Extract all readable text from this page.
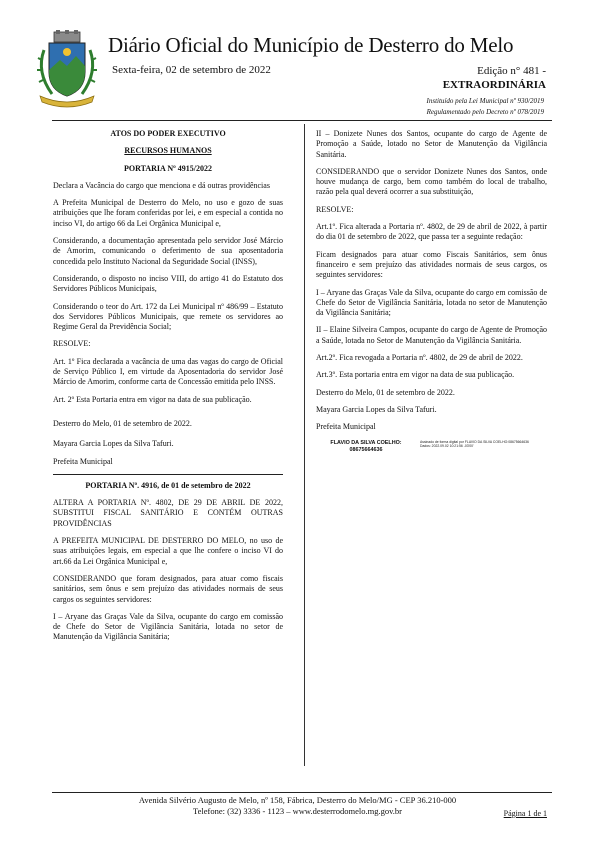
Diário Oficial do Município de Desterro do Melo
Sexta-feira, 02 de setembro de 2022	Edição n° 481 -
EXTRAORDINÁRIA
Instituído pela Lei Municipal nº 930/2019
Regulamentado pelo Decreto nº 078/2019

ATOS DO PODER EXECUTIVO

RECURSOS HUMANOS

PORTARIA Nº 4915/2022

Declara a Vacância do cargo que menciona e dá outras providências

A Prefeita Municipal de Desterro do Melo, no uso e gozo de suas atribuições que lhe foram conferidas por lei, e em especial a contida no inciso VI, do artigo 66 da Lei Orgânica Municipal e,

Considerando, a documentação apresentada pelo servidor José Márcio de Amorim, comunicando o deferimento de sua aposentadoria concedida pelo Instituto Nacional da Seguridade Social (INSS),

Considerando, o disposto no inciso VIII, do artigo 41 do Estatuto dos Servidores Públicos Municipais,

Considerando o teor do Art. 172 da Lei Municipal nº 486/99 – Estatuto dos Servidores Públicos Municipais, que remete os servidores ao Regime Geral da Previdência Social;

RESOLVE:

Art. 1º Fica declarada a vacância de uma das vagas do cargo de Oficial de Serviço Público I, em virtude da Aposentadoria do servidor José Márcio de Amorim, conforme carta de Concessão emitida pelo INSS.

Art. 2º Esta Portaria entra em vigor na data de sua publicação.

Desterro do Melo, 01 de setembro de 2022.

Mayara Garcia Lopes da Silva Tafuri.

Prefeita Municipal

PORTARIA Nº. 4916, de 01 de setembro de 2022

ALTERA A PORTARIA Nº. 4802, DE 29 DE ABRIL DE 2022, SUBSTITUI FISCAL SANITÁRIO E CONTÉM OUTRAS PROVIDÊNCIAS

A PREFEITA MUNICIPAL DE DESTERRO DO MELO, no uso de suas atribuições legais, em especial a que lhe confere o inciso VI do art.66 da Lei Orgânica Municipal e,

CONSIDERANDO que foram designados, para atuar como fiscais sanitários, sem ônus e sem prejuízo das atividades normais de seus cargos os seguintes servidores:

I – Aryane das Graças Vale da Silva, ocupante do cargo em comissão de Chefe do Setor de Vigilância Sanitária, lotada no setor de Manutenção da Vigilância Sanitária;

II – Donizete Nunes dos Santos, ocupante do cargo de Agente de Promoção a Saúde, lotado no Setor de Manutenção da Vigilância Sanitária.

CONSIDERANDO que o servidor Donizete Nunes dos Santos, onde houve mudança de cargo, bem como também do local de trabalho, razão pela qual deverá ocorrer a sua substituição,

RESOLVE:

Art.1º. Fica alterada a Portaria nº. 4802, de 29 de abril de 2022, à partir do dia 01 de setembro de 2022, que passa ter a seguinte redação:

Ficam designados para atuar como Fiscais Sanitários, sem ônus financeiro e sem prejuízo das atividades normais de seus cargos, os seguintes servidores:

I – Aryane das Graças Vale da Silva, ocupante do cargo em comissão de Chefe do Setor de Vigilância Sanitária, lotada no setor de Manutenção da Vigilância Sanitária;

II – Elaine Silveira Campos, ocupante do cargo de Agente de Promoção a Saúde, lotada no Setor de Manutenção da Vigilância Sanitária.

Art.2º. Fica revogada a Portaria nº. 4802, de 29 de abril de 2022.

Art.3º. Esta portaria entra em vigor na data de sua publicação.

Desterro do Melo, 01 de setembro de 2022.

Mayara Garcia Lopes da Silva Tafuri.

Prefeita Municipal

FLAVIO DA SILVA COELHO:
08675664636
Assinado de forma digital por FLAVIO DA SILVA COELHO:08675664636 Dados: 2022.09.02 10:21:56 -03'00'
Avenida Silvério Augusto de Melo, nº 158, Fábrica, Desterro do Melo/MG - CEP 36.210-000
Telefone: (32) 3336 - 1123 – www.desterrodomelo.mg.gov.br	Página 1 de 1
